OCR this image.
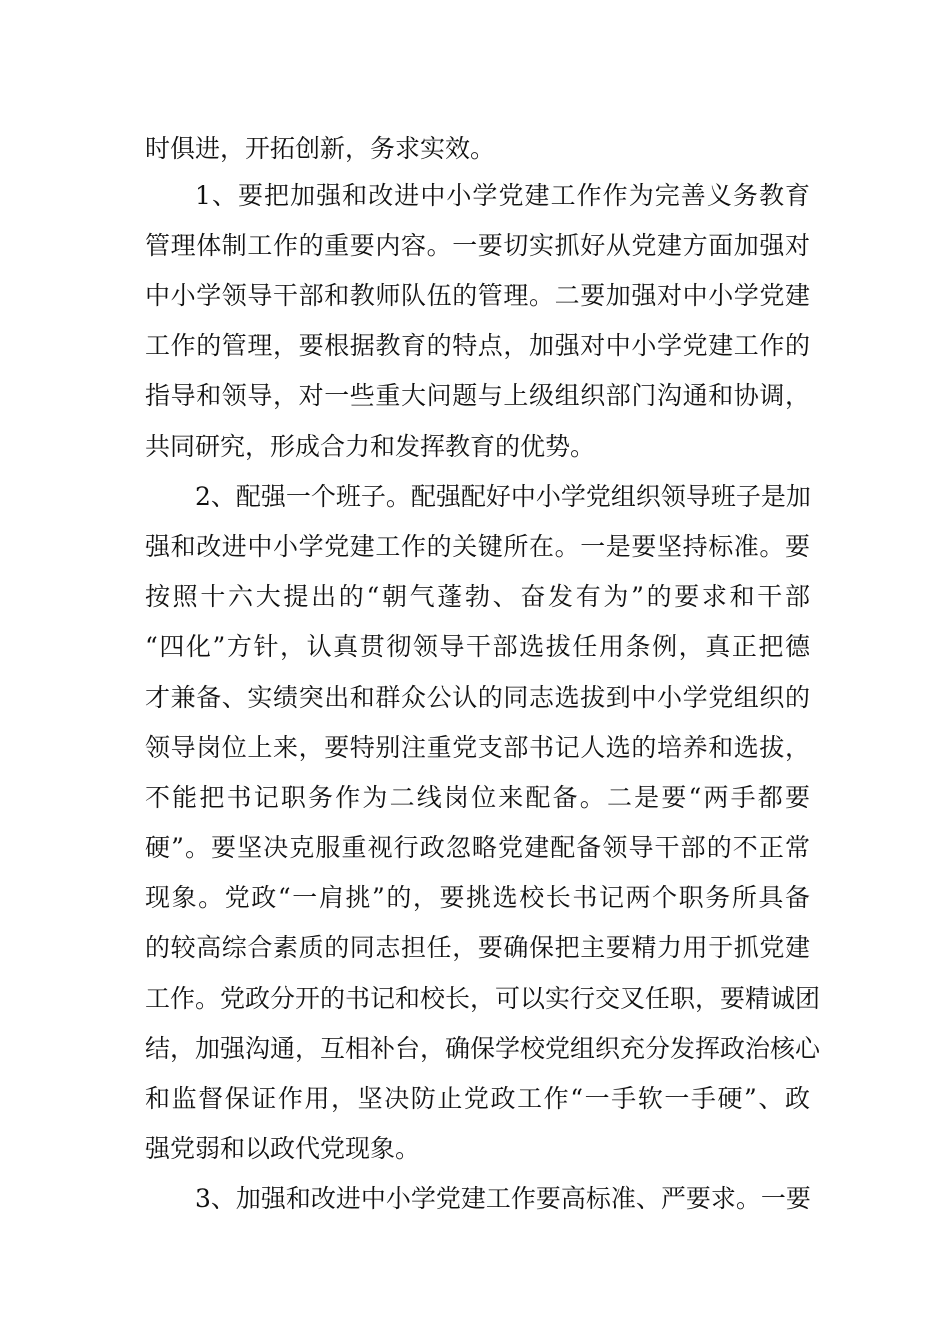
时俱进，开拓创新，务求实效。
1、要把加强和改进中小学党建工作作为完善义务教育
管理体制工作的重要内容。一要切实抓好从党建方面加强对
中小学领导干部和教师队伍的管理。二要加强对中小学党建
工作的管理，要根据教育的特点，加强对中小学党建工作的
指导和领导，对一些重大问题与上级组织部门沟通和协调，
共同研究，形成合力和发挥教育的优势。
2、配强一个班子。配强配好中小学党组织领导班子是加
强和改进中小学党建工作的关键所在。一是要坚持标准。要
按照十六大提出的“朝气蓬勃、奋发有为”的要求和干部
“四化”方针，认真贯彻领导干部选拔任用条例，真正把德
才兼备、实绩突出和群众公认的同志选拔到中小学党组织的
领导岗位上来，要特别注重党支部书记人选的培养和选拔，
不能把书记职务作为二线岗位来配备。二是要“两手都要
硬”。要坚决克服重视行政忽略党建配备领导干部的不正常
现象。党政“一肩挑”的，要挑选校长书记两个职务所具备
的较高综合素质的同志担任，要确保把主要精力用于抓党建
工作。党政分开的书记和校长，可以实行交叉任职，要精诚团
结，加强沟通，互相补台，确保学校党组织充分发挥政治核心
和监督保证作用，坚决防止党政工作“一手软一手硬”、政
强党弱和以政代党现象。
3、加强和改进中小学党建工作要高标准、严要求。一要
